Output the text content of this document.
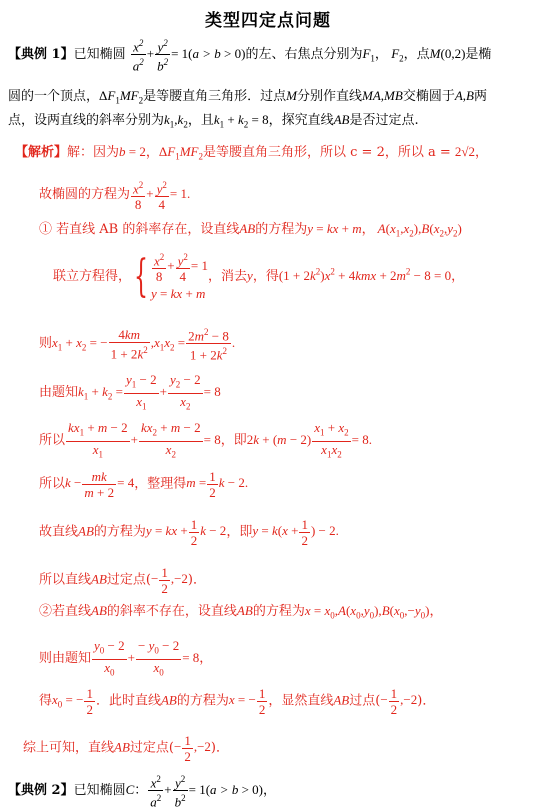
类型四定点问题
【典例 1】已知椭圆 $\frac{x^2}{a^2} + \frac{y^2}{b^2} = 1(a > b > 0)$的左、右焦点分别为$F_1$， $F_2$，点M(0,2)是椭
圆的一个顶点，$\Delta F_1MF_2$是等腰直角三角形．过点M分别作直线MA,MB交椭圆于A,B两
点，设两直线的斜率分别为$k_1,k_2$，且$k_1 + k_2 = 8$，探究直线AB是否过定点.
【解析】解：因为b = 2，$\Delta F_1MF_2$是等腰直角三角形，所以 c = 2，所以 a = 2√2，
故椭圆的方程为 $\frac{x^2}{8} + \frac{y^2}{4} = 1$.
① 若直线 AB 的斜率存在，设直线AB的方程为y = kx + m， $A(x_1,x_2),B(x_2,y_2)$
联立方程得，{ $\frac{x^2}{8} + \frac{y^2}{4} = 1$
y = kx + m
，消去y，得$(1 + 2k^2)x^2 + 4kmx + 2m^2 - 8 = 0$，
则$x_1 + x_2$ = − $\frac{4km}{1 + 2k^2} ,x_1x_2 = \frac{2m^2 - 8}{1 + 2k^2}$ .
由题知$k_1 + k_2 = \frac{y_1 - 2}{x_1} + \frac{y_2 - 2}{x_2} = 8$
所以 $\frac{kx_1 + m - 2}{x_1} + \frac{kx_2 + m - 2}{x_2} = 8$，即$2k + (m - 2) \frac{x_1 + x_2}{x_1x_2} = 8$.
所以$k - \frac{mk}{m + 2} = 4$，整理得$m = \frac{1}{2}$ k − 2.
故直线AB的方程为y = kx + $\frac{1}{2}$ k − 2，即$y = k(x + \frac{1}{2}$ ) − 2.
所以直线AB过定点(− $\frac{1}{2} ,-2$)．
②若直线AB的斜率不存在，设直线AB的方程为$x = x_0,A(x_0,y_0),B(x_0,-y_0)$，
则由题知 $\frac{y_0 - 2}{x_0} + \frac{- y_0 - 2}{x_0} = 8$，
得$x_0$ = − $\frac{1}{2}$ ．此时直线AB的方程为x = − $\frac{1}{2}$ ，显然直线AB过点(− $\frac{1}{2} ,-2$)．
综上可知，直线AB过定点(− $\frac{1}{2} ,-2$)．
【典例 2】已知椭圆C： $\frac{x^2}{a^2} + \frac{y^2}{b^2} = 1(a > b > 0)$，
